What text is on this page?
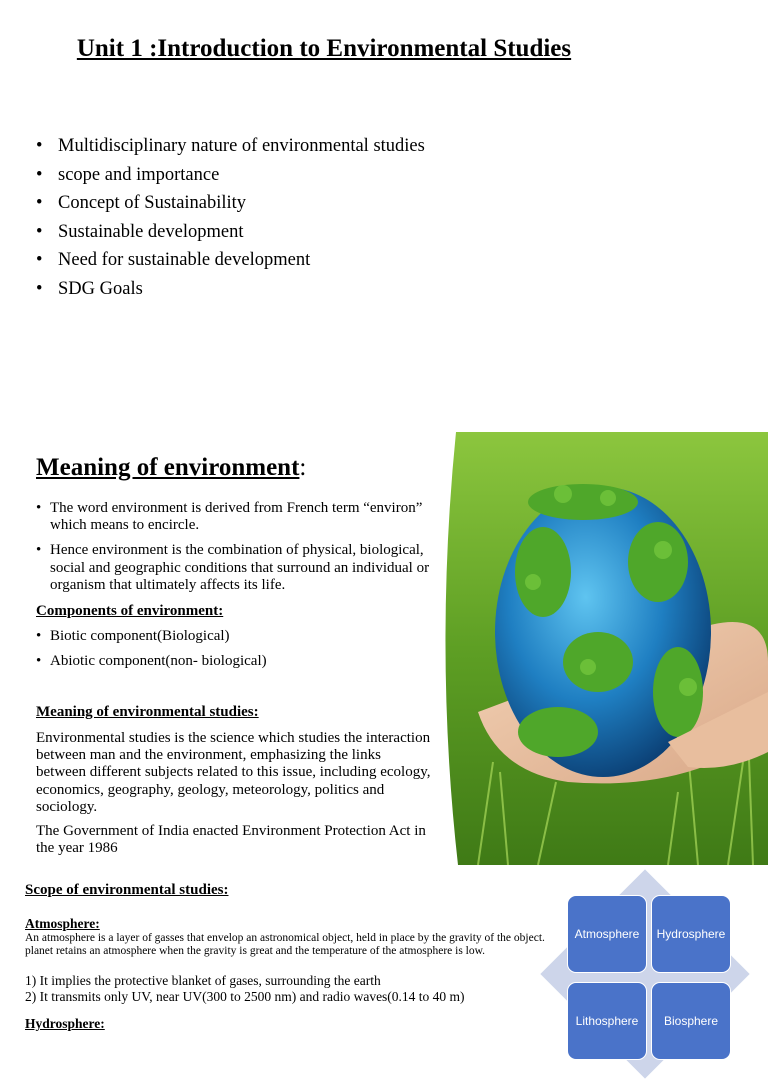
Unit 1 :Introduction to Environmental Studies
• Multidisciplinary nature of environmental studies
• scope and importance
• Concept of Sustainability
• Sustainable development
• Need for sustainable development
• SDG Goals
Meaning of environment:
• The word environment is derived from French term “environ” which means to encircle.
• Hence environment is the combination of physical, biological, social and geographic conditions that surround an individual or organism that ultimately affects its life.
Components of environment:
• Biotic component(Biological)
• Abiotic component(non- biological)
Meaning of environmental studies:

Environmental studies is the science which studies the interaction between man and the environment, emphasizing the links between different subjects related to this issue, including ecology, economics, geography, geology, meteorology, politics and sociology.

The Government of India enacted Environment Protection Act in the year 1986

Scope of environmental studies:
Atmosphere:
An atmosphere is a layer of gasses that envelop an astronomical object, held in place by the gravity of the object. planet retains an atmosphere when the gravity is great and the temperature of the atmosphere is low.
1) It implies the protective blanket of gases, surrounding the earth
2) It transmits only UV, near UV(300 to 2500 nm) and radio waves(0.14 to 40 m)
Hydrosphere:
Atmosphere	Hydrosphere
Lithosphere	Biosphere
